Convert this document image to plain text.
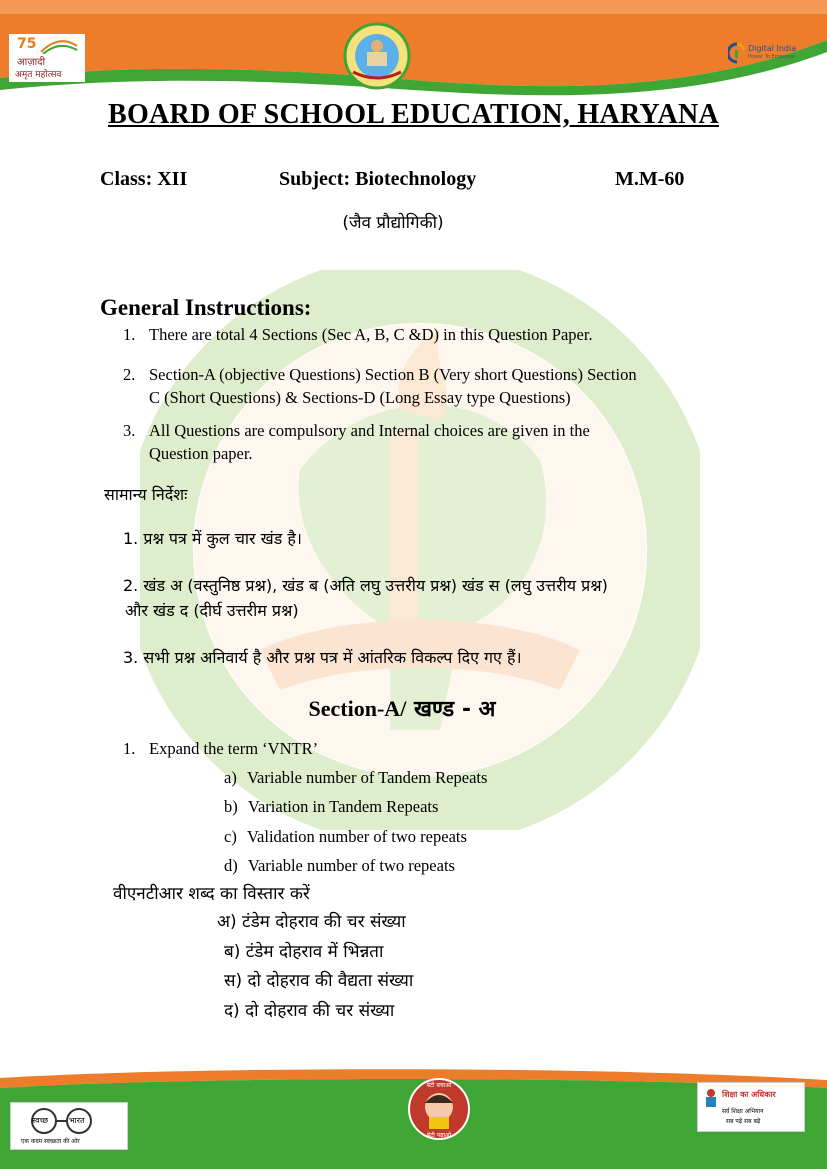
75
आज़ादी
अमृत महोत्सव
Digital India
Power To Empower
BOARD OF SCHOOL EDUCATION, HARYANA
Class: XII	Subject: Biotechnology	M.M-60
(जैव प्रौद्योगिकी)
General Instructions:
1. There are total 4 Sections (Sec A, B, C &D) in this Question Paper.
2. Section-A (objective Questions) Section B (Very short Questions) Section
C (Short Questions) & Sections-D (Long Essay type Questions)
3. All Questions are compulsory and Internal choices are given in the
Question paper.
सामान्य निर्देशः
1. प्रश्न पत्र में कुल चार खंड है।
2. खंड अ (वस्तुनिष्ठ प्रश्न), खंड ब (अति लघु उत्तरीय प्रश्न) खंड स (लघु उत्तरीय प्रश्न)
और खंड द (दीर्घ उत्तरीम प्रश्न)
3. सभी प्रश्न अनिवार्य है और प्रश्न पत्र में आंतरिक विकल्प दिए गए हैं।
Section-A/ खण्ड - अ
1. Expand the term ‘VNTR’
a) Variable number of Tandem Repeats
b) Variation in Tandem Repeats
c) Validation number of two repeats
d) Variable number of two repeats
वीएनटीआर शब्द का विस्तार करें
अ) टंडेम दोहराव की चर संख्या
ब) टंडेम दोहराव में भिन्नता
स) दो दोहराव की वैद्यता संख्या
द) दो दोहराव की चर संख्या
स्वच्छ	भारत
एक कदम स्वच्छता की ओर
बेटी बचाओ
बेटी पढ़ाओ
शिक्षा का अधिकार
सर्व शिक्षा अभियान
सब पढ़ें सब बढ़ें
